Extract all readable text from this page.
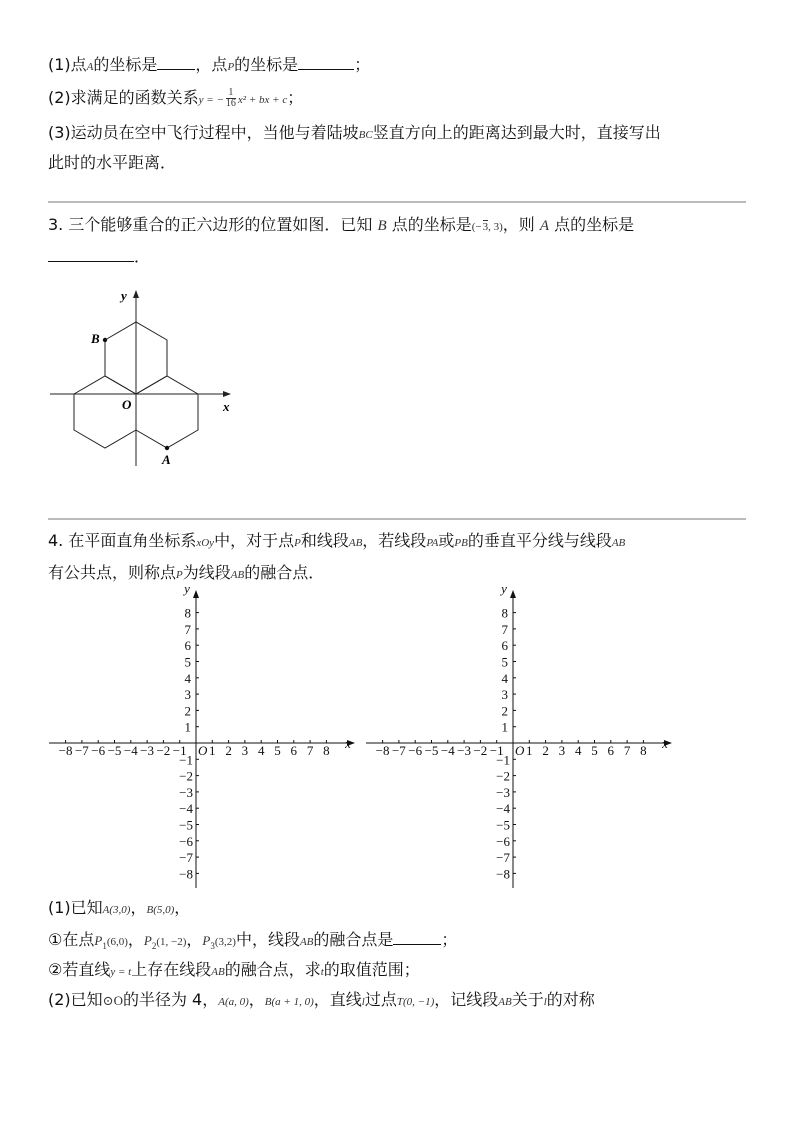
(1)点A的坐标是 ，点P的坐标是	；
(2)求满足的函数关系y = − $\frac{1}{16} x^2$ + bx + c；
(3)运动员在空中飞行过程中，当他与着陆坡BC竖直方向上的距离达到最大时，直接写出
此时的水平距离．
3. 三个能够重合的正六边形的位置如图．已知 B 点的坐标是(−3, 3)，则 A 点的坐标是
．
y
x
O
B
A
4. 在平面直角坐标系xOy中，对于点P和线段AB，若线段PA或PB的垂直平分线与线段AB
有公共点，则称点P为线段AB的融合点．
1 2 3 4 5 6 7 8
−8 −7 −6 −5 −4 −3 −2 −1
8
7
6
5
4
3
2
1
−1
−2
−3
−4
−5
−6
−7
−8
O	x
y
1 2 3 4 5 6 7 8
−8 −7 −6 −5 −4 −3 −2 −1
8
7
6
5
4
3
2
1
−1
−2
−3
−4
−5
−6
−7
−8
O	x
y
(1)已知A(3,0)，B(5,0)，
①在点$P_1(6,0)$，$P_2(1$, −2)，$P_3(3,2)$中，线段AB的融合点是	；
②若直线y = t上存在线段AB的融合点，求t的取值范围；
(2)已知⊙O的半径为 4，A(a, 0)，B(a + 1, 0)，直线l过点T(0, −1)，记线段AB关于l的对称
